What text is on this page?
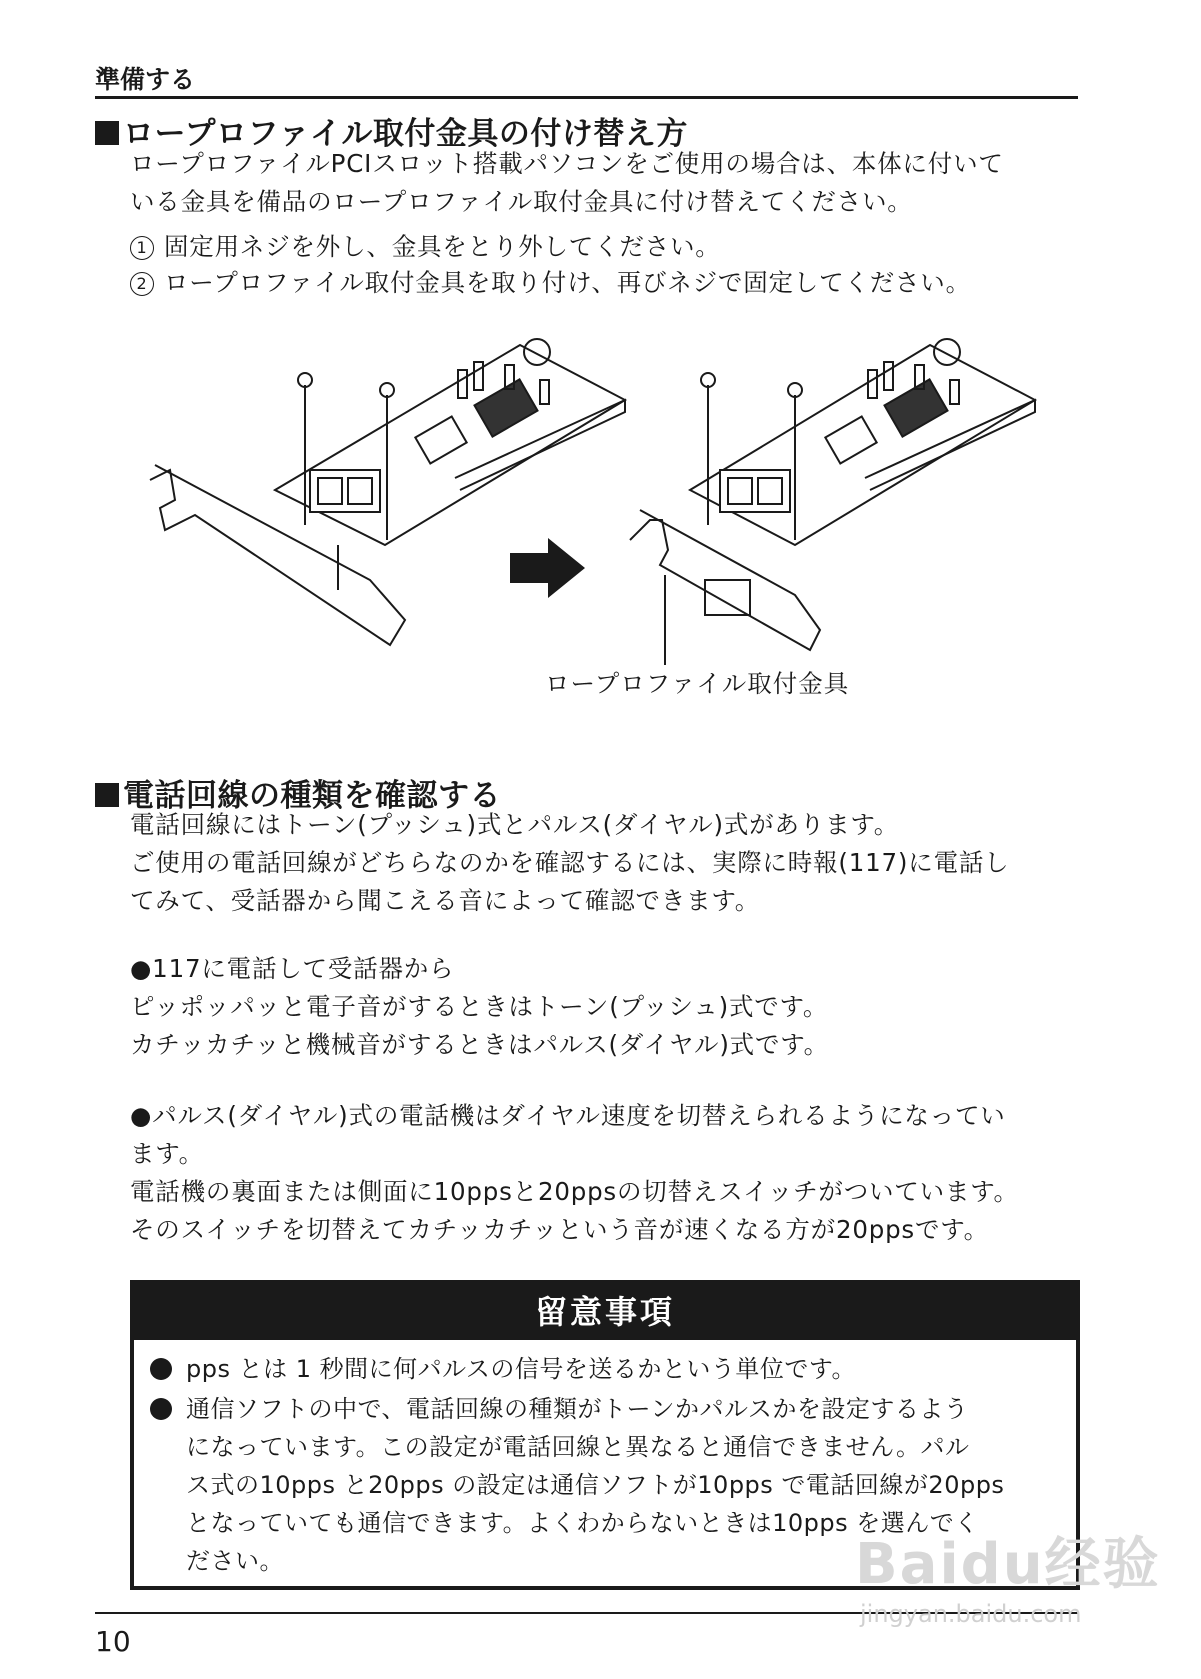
準備する
ロープロファイル取付金具の付け替え方
ロープロファイルPCIスロット搭載パソコンをご使用の場合は、本体に付いて
いる金具を備品のロープロファイル取付金具に付け替えてください。
1 固定用ネジを外し、金具をとり外してください。
2 ロープロファイル取付金具を取り付け、再びネジで固定してください。
ロープロファイル取付金具
電話回線の種類を確認する
電話回線にはトーン(プッシュ)式とパルス(ダイヤル)式があります。
ご使用の電話回線がどちらなのかを確認するには、実際に時報(117)に電話し
てみて、受話器から聞こえる音によって確認できます。
●117に電話して受話器から
ピッポッパッと電子音がするときはトーン(プッシュ)式です。
カチッカチッと機械音がするときはパルス(ダイヤル)式です。
●パルス(ダイヤル)式の電話機はダイヤル速度を切替えられるようになってい
ます。
電話機の裏面または側面に10ppsと20ppsの切替えスイッチがついています。
そのスイッチを切替えてカチッカチッという音が速くなる方が20ppsです。
留意事項
pps とは 1 秒間に何パルスの信号を送るかという単位です。
通信ソフトの中で、電話回線の種類がトーンかパルスかを設定するよう
になっています。この設定が電話回線と異なると通信できません。パル
ス式の10pps と20pps の設定は通信ソフトが10pps で電話回線が20pps
となっていても通信できます。よくわからないときは10pps を選んでく
ださい。
10
Baidu经验
jingyan.baidu.com
